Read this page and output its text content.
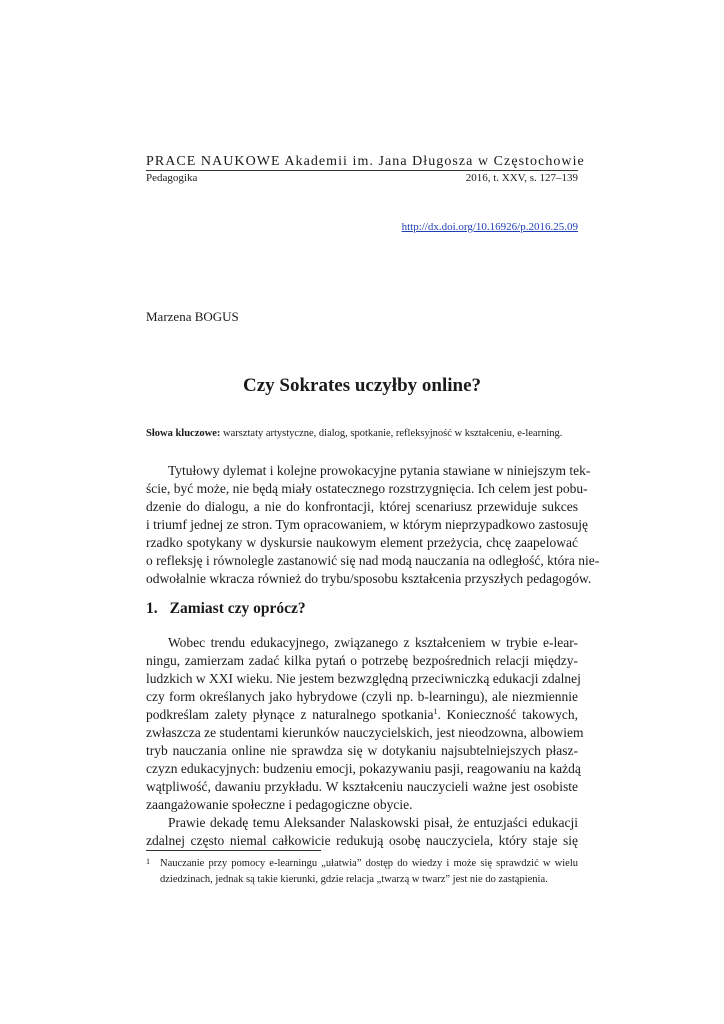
PRACE NAUKOWE Akademii im. Jana Długosza w Częstochowie
Pedagogika	2016, t. XXV, s. 127–139
http://dx.doi.org/10.16926/p.2016.25.09
Marzena BOGUS
Czy Sokrates uczyłby online?
Słowa kluczowe: warsztaty artystyczne, dialog, spotkanie, refleksyjność w kształceniu, e-learning.
Tytułowy dylemat i kolejne prowokacyjne pytania stawiane w niniejszym tek-
ście, być może, nie będą miały ostatecznego rozstrzygnięcia. Ich celem jest pobu-
dzenie do dialogu, a nie do konfrontacji, której scenariusz przewiduje sukces
i triumf jednej ze stron. Tym opracowaniem, w którym nieprzypadkowo zastosuję
rzadko spotykany w dyskursie naukowym element przeżycia, chcę zaapelować
o refleksję i równolegle zastanowić się nad modą nauczania na odległość, która nie-
odwołalnie wkracza również do trybu/sposobu kształcenia przyszłych pedagogów.
1. Zamiast czy oprócz?
Wobec trendu edukacyjnego, związanego z kształceniem w trybie e-lear-
ningu, zamierzam zadać kilka pytań o potrzebę bezpośrednich relacji między-
ludzkich w XXI wieku. Nie jestem bezwzględną przeciwniczką edukacji zdalnej
czy form określanych jako hybrydowe (czyli np. b-learningu), ale niezmiennie
podkreślam zalety płynące z naturalnego spotkania$^1$. Konieczność takowych,
zwłaszcza ze studentami kierunków nauczycielskich, jest nieodzowna, albowiem
tryb nauczania online nie sprawdza się w dotykaniu najsubtelniejszych płasz-
czyzn edukacyjnych: budzeniu emocji, pokazywaniu pasji, reagowaniu na każdą
wątpliwość, dawaniu przykładu. W kształceniu nauczycieli ważne jest osobiste
zaangażowanie społeczne i pedagogiczne obycie.
Prawie dekadę temu Aleksander Nalaskowski pisał, że entuzjaści edukacji
zdalnej często niemal całkowicie redukują osobę nauczyciela, który staje się
1 Nauczanie przy pomocy e-learningu „ułatwia” dostęp do wiedzy i może się sprawdzić w wielu
dziedzinach, jednak są takie kierunki, gdzie relacja „twarzą w twarz” jest nie do zastąpienia.
